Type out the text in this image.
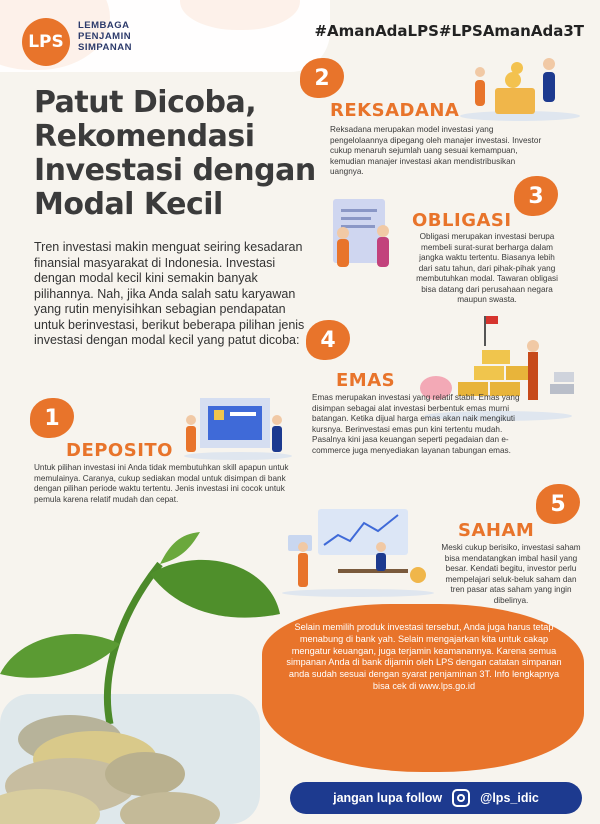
LPS
LEMBAGA
PENJAMIN
SIMPANAN
#AmanAdaLPS#LPSAmanAda3T
Patut Dicoba,
Rekomendasi
Investasi dengan
Modal Kecil
Tren investasi makin menguat seiring kesadaran finansial masyarakat di Indonesia. Investasi dengan modal kecil kini semakin banyak pilihannya. Nah, jika Anda salah satu karyawan yang rutin menyisihkan sebagian pendapatan untuk berinvestasi, berikut beberapa pilihan jenis investasi dengan modal kecil yang patut dicoba:
2
REKSADANA
Reksadana merupakan model investasi yang pengelolaannya dipegang oleh manajer investasi. Investor cukup menaruh sejumlah uang sesuai kemampuan, kemudian manajer investasi akan mendistribusikan uangnya.
3
OBLIGASI
Obligasi merupakan investasi berupa membeli surat-surat berharga dalam jangka waktu tertentu. Biasanya lebih dari satu tahun, dari pihak-pihak yang membutuhkan modal. Tawaran obligasi bisa datang dari perusahaan negara maupun swasta.
4
EMAS
Emas merupakan investasi yang relatif stabil. Emas yang disimpan sebagai alat investasi berbentuk emas murni batangan. Ketika dijual harga emas akan naik mengikuti kursnya. Berinvestasi emas pun kini tertentu mudah. Pasalnya kini jasa keuangan seperti pegadaian dan e-commerce juga menyediakan layanan tabungan emas.
1
DEPOSITO
Untuk pilihan investasi ini Anda tidak membutuhkan skill apapun untuk memulainya. Caranya, cukup sediakan modal untuk disimpan di bank dengan pilihan periode waktu tertentu. Jenis investasi ini cocok untuk pemula karena relatif mudah dan cepat.	5
SAHAM
Meski cukup berisiko, investasi saham bisa mendatangkan imbal hasil yang besar. Kendati begitu, investor perlu mempelajari seluk-beluk saham dan tren pasar atas saham yang ingin dibelinya.
Selain memilih produk investasi tersebut, Anda juga harus tetap menabung di bank yah. Selain mengajarkan kita untuk cakap mengatur keuangan, juga terjamin keamanannya. Karena semua simpanan Anda di bank dijamin oleh LPS dengan catatan simpanan anda sudah sesuai dengan syarat penjaminan 3T. Info lengkapnya bisa cek di www.lps.go.id
jangan lupa follow	@lps_idic
